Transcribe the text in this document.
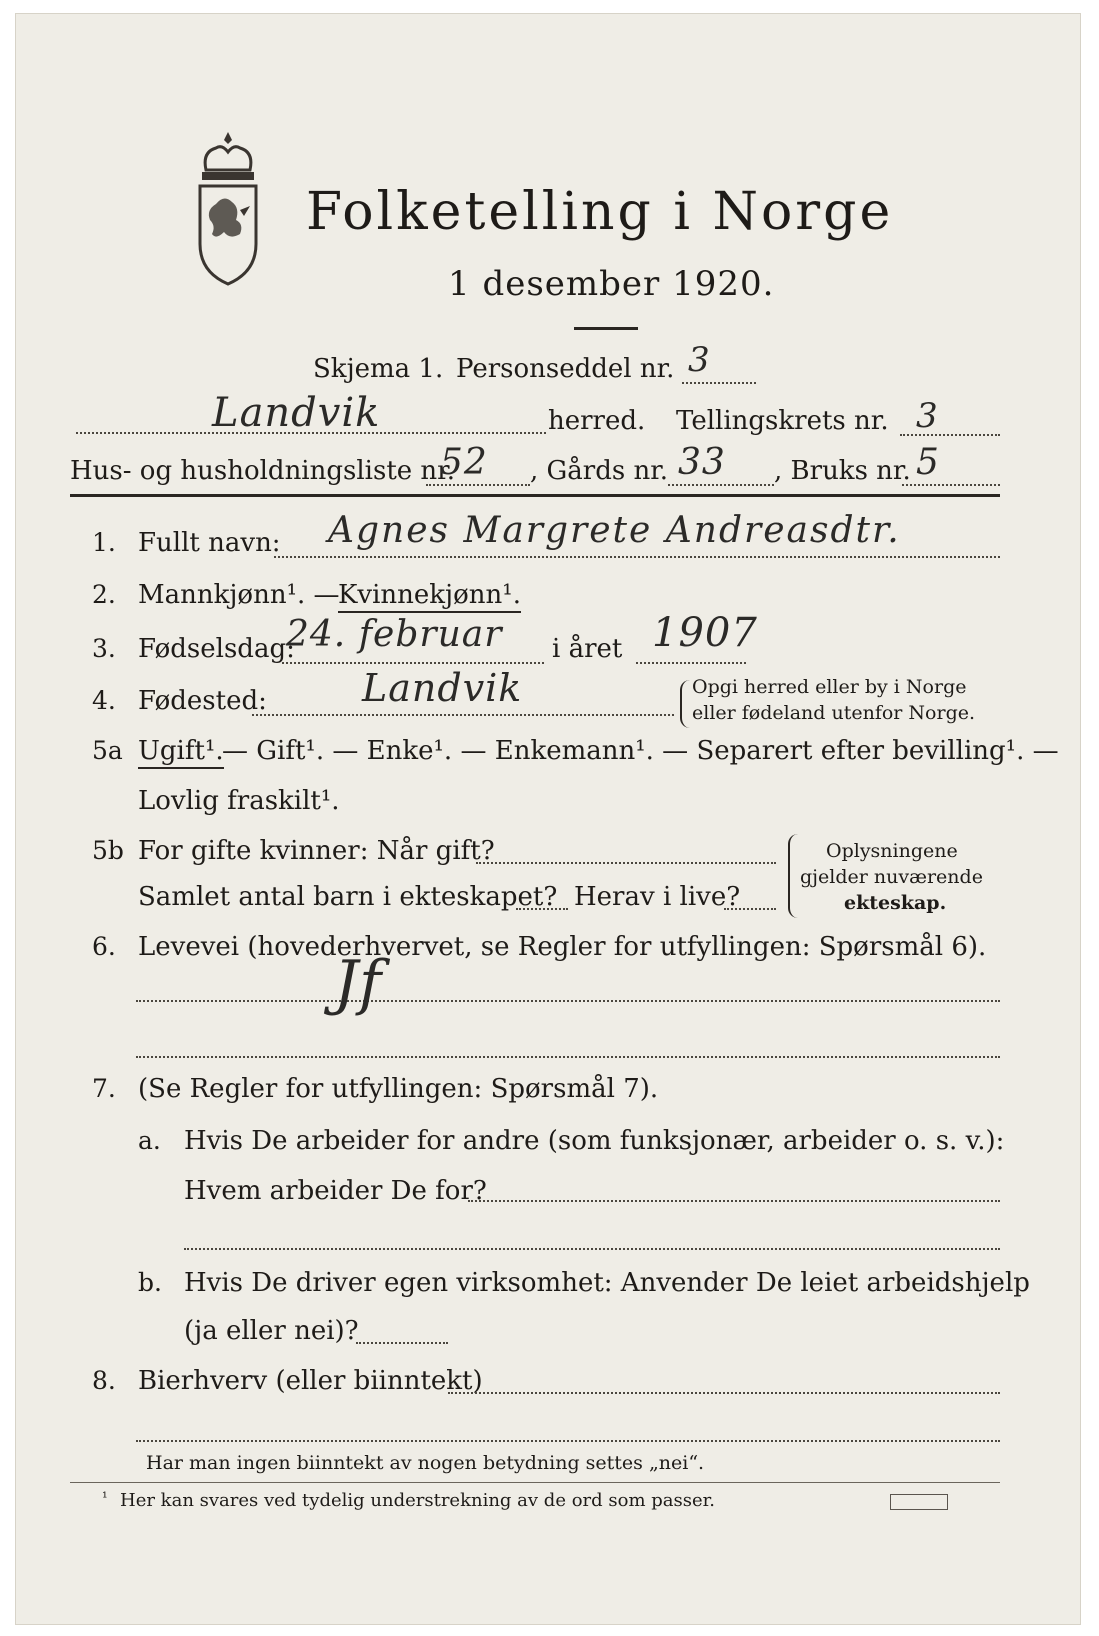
Folketelling i Norge
1 desember 1920.
Skjema 1. Personseddel nr. 3
Landvik	herred. Tellingskrets nr. 3
Hus- og husholdningsliste nr.
52 , Gårds nr. 33 , Bruks nr. 5
1. Fullt navn: Agnes Margrete Andreasdtr.
2. Mannkjønn¹. —
Kvinnekjønn¹.
3. Fødselsdag:
24. februar i året 1907
4. Fødested:	Landvik	Opgi herred eller by i Norge
eller fødeland utenfor Norge.
5a Ugift¹.
— Gift¹. — Enke¹. — Enkemann¹. — Separert efter bevilling¹. —
Lovlig fraskilt¹.
5b For gifte kvinner: Når gift?
Samlet antal barn i ekteskapet? Herav i live?
Oplysningene
gjelder nuværende
ekteskap.
6. Levevei (hovederhvervet, se Regler for utfyllingen: Spørsmål 6).
Jf
7. (Se Regler for utfyllingen: Spørsmål 7).
a. Hvis De arbeider for andre (som funksjonær, arbeider o. s. v.):
Hvem arbeider De for?
b. Hvis De driver egen virksomhet: Anvender De leiet arbeidshjelp
(ja eller nei)?
8. Bierhverv (eller biinntekt)
Har man ingen biinntekt av nogen betydning settes „nei“.
¹ Her kan svares ved tydelig understrekning av de ord som passer.
